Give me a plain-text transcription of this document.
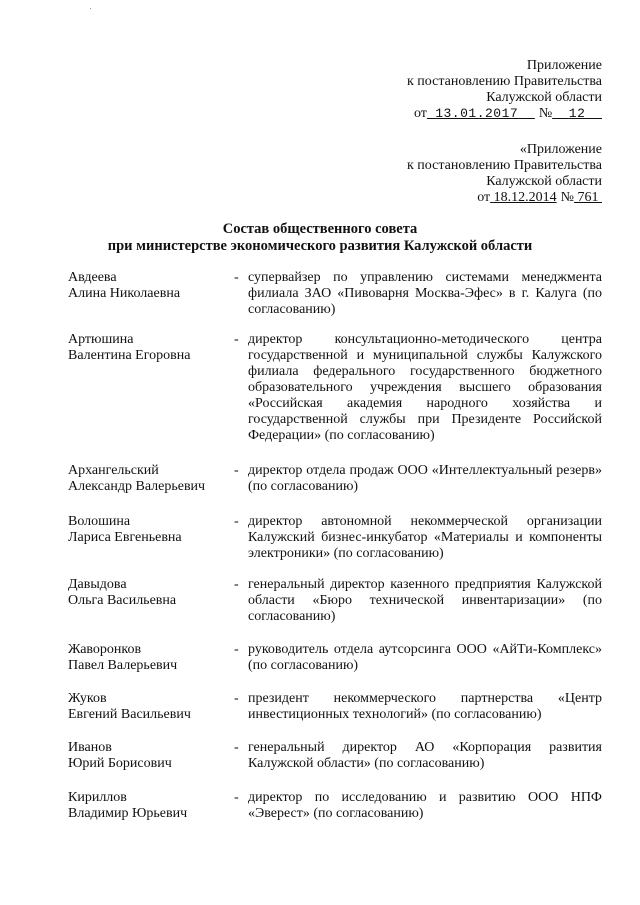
Приложение
к постановлению Правительства
Калужской области
от 13.01.2017 № 12
«Приложение
к постановлению Правительства
Калужской области
от 18.12.2014 № 761
Состав общественного совета
при министерстве экономического развития Калужской области
Авдеева
Алина Николаевна
- супервайзер по управлению системами менеджмента филиала ЗАО «Пивоварня Москва-Эфес» в г. Калуга (по согласованию)
Артюшина
Валентина Егоровна
- директор консультационно-методического центра государственной и муниципальной службы Калужского филиала федерального государственного бюджетного образовательного учреждения высшего образования «Российская академия народного хозяйства и государственной службы при Президенте Российской Федерации» (по согласованию)
Архангельский
Александр Валерьевич
- директор отдела продаж ООО «Интеллектуальный резерв» (по согласованию)
Волошина
Лариса Евгеньевна
- директор автономной некоммерческой организации Калужский бизнес-инкубатор «Материалы и компоненты электроники» (по согласованию)
Давыдова
Ольга Васильевна
- генеральный директор казенного предприятия Калужской области «Бюро технической инвентаризации» (по согласованию)
Жаворонков
Павел Валерьевич
- руководитель отдела аутсорсинга ООО «АйТи-Комплекс» (по согласованию)
Жуков
Евгений Васильевич
- президент некоммерческого партнерства «Центр инвестиционных технологий» (по согласованию)
Иванов
Юрий Борисович
- генеральный директор АО «Корпорация развития Калужской области» (по согласованию)
Кириллов
Владимир Юрьевич
- директор по исследованию и развитию ООО НПФ «Эверест» (по согласованию)
